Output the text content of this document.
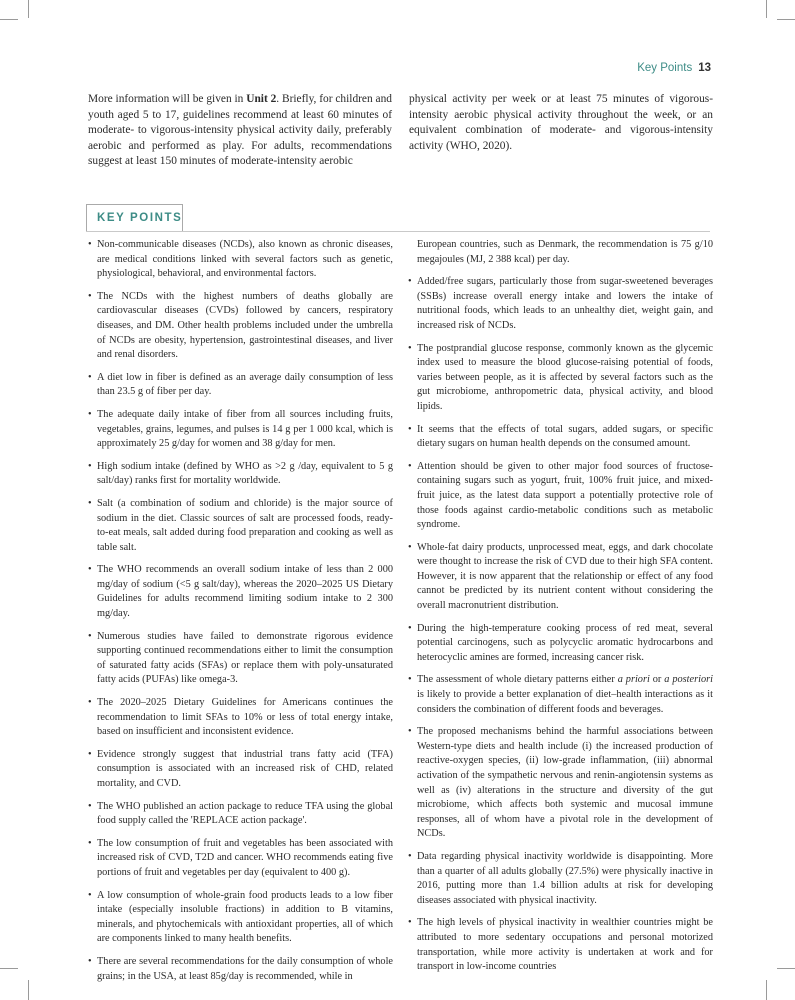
Key Points 13
More information will be given in Unit 2. Briefly, for children and youth aged 5 to 17, guidelines recommend at least 60 minutes of moderate- to vigorous-intensity physical activity daily, preferably aerobic and performed as play. For adults, recommendations suggest at least 150 minutes of moderate-intensity aerobic
physical activity per week or at least 75 minutes of vigorous-intensity aerobic physical activity throughout the week, or an equivalent combination of moderate- and vigorous-intensity activity (WHO, 2020).
KEY POINTS
• Non-communicable diseases (NCDs), also known as chronic diseases, are medical conditions linked with several factors such as genetic, physiological, behavioral, and environmental factors.
• The NCDs with the highest numbers of deaths globally are cardiovascular diseases (CVDs) followed by cancers, respiratory diseases, and DM. Other health problems included under the umbrella of NCDs are obesity, hypertension, gastrointestinal diseases, and liver and renal disorders.
• A diet low in fiber is defined as an average daily consumption of less than 23.5 g of fiber per day.
• The adequate daily intake of fiber from all sources including fruits, vegetables, grains, legumes, and pulses is 14 g per 1 000 kcal, which is approximately 25 g/day for women and 38 g/day for men.
• High sodium intake (defined by WHO as >2 g /day, equivalent to 5 g salt/day) ranks first for mortality worldwide.
• Salt (a combination of sodium and chloride) is the major source of sodium in the diet. Classic sources of salt are processed foods, ready-to-eat meals, salt added during food preparation and cooking as well as table salt.
• The WHO recommends an overall sodium intake of less than 2 000 mg/day of sodium (<5 g salt/day), whereas the 2020–2025 US Dietary Guidelines for adults recommend limiting sodium intake to 2 300 mg/day.
• Numerous studies have failed to demonstrate rigorous evidence supporting continued recommendations either to limit the consumption of saturated fatty acids (SFAs) or replace them with poly-unsaturated fatty acids (PUFAs) like omega-3.
• The 2020–2025 Dietary Guidelines for Americans continues the recommendation to limit SFAs to 10% or less of total energy intake, based on insufficient and inconsistent evidence.
• Evidence strongly suggest that industrial trans fatty acid (TFA) consumption is associated with an increased risk of CHD, related mortality, and CVD.
• The WHO published an action package to reduce TFA using the global food supply called the 'REPLACE action package'.
• The low consumption of fruit and vegetables has been associated with increased risk of CVD, T2D and cancer. WHO recommends eating five portions of fruit and vegetables per day (equivalent to 400 g).
• A low consumption of whole-grain food products leads to a low fiber intake (especially insoluble fractions) in addition to B vitamins, minerals, and phytochemicals with antioxidant properties, all of which are components linked to many health benefits.
• There are several recommendations for the daily consumption of whole grains; in the USA, at least 85g/day is recommended, while in
European countries, such as Denmark, the recommendation is 75 g/10 megajoules (MJ, 2 388 kcal) per day.
• Added/free sugars, particularly those from sugar-sweetened beverages (SSBs) increase overall energy intake and lowers the intake of nutritional foods, which leads to an unhealthy diet, weight gain, and increased risk of NCDs.
• The postprandial glucose response, commonly known as the glycemic index used to measure the blood glucose-raising potential of foods, varies between people, as it is affected by several factors such as the gut microbiome, anthropometric data, physical activity, and blood lipids.
• It seems that the effects of total sugars, added sugars, or specific dietary sugars on human health depends on the consumed amount.
• Attention should be given to other major food sources of fructose-containing sugars such as yogurt, fruit, 100% fruit juice, and mixed-fruit juice, as the latest data support a potentially protective role of those foods against cardio-metabolic conditions such as metabolic syndrome.
• Whole-fat dairy products, unprocessed meat, eggs, and dark chocolate were thought to increase the risk of CVD due to their high SFA content. However, it is now apparent that the relationship or effect of any food cannot be predicted by its nutrient content without considering the overall macronutrient distribution.
• During the high-temperature cooking process of red meat, several potential carcinogens, such as polycyclic aromatic hydrocarbons and heterocyclic amines are formed, increasing cancer risk.
• The assessment of whole dietary patterns either a priori or a posteriori is likely to provide a better explanation of diet–health interactions as it considers the combination of different foods and beverages.
• The proposed mechanisms behind the harmful associations between Western-type diets and health include (i) the increased production of reactive-oxygen species, (ii) low-grade inflammation, (iii) abnormal activation of the sympathetic nervous and renin-angiotensin systems as well as (iv) alterations in the structure and diversity of the gut microbiome, which affects both systemic and mucosal immune responses, all of whom have a pivotal role in the development of NCDs.
• Data regarding physical inactivity worldwide is disappointing. More than a quarter of all adults globally (27.5%) were physically inactive in 2016, putting more than 1.4 billion adults at risk for developing diseases associated with physical inactivity.
• The high levels of physical inactivity in wealthier countries might be attributed to more sedentary occupations and personal motorized transportation, while more activity is undertaken at work and for transport in low-income countries
